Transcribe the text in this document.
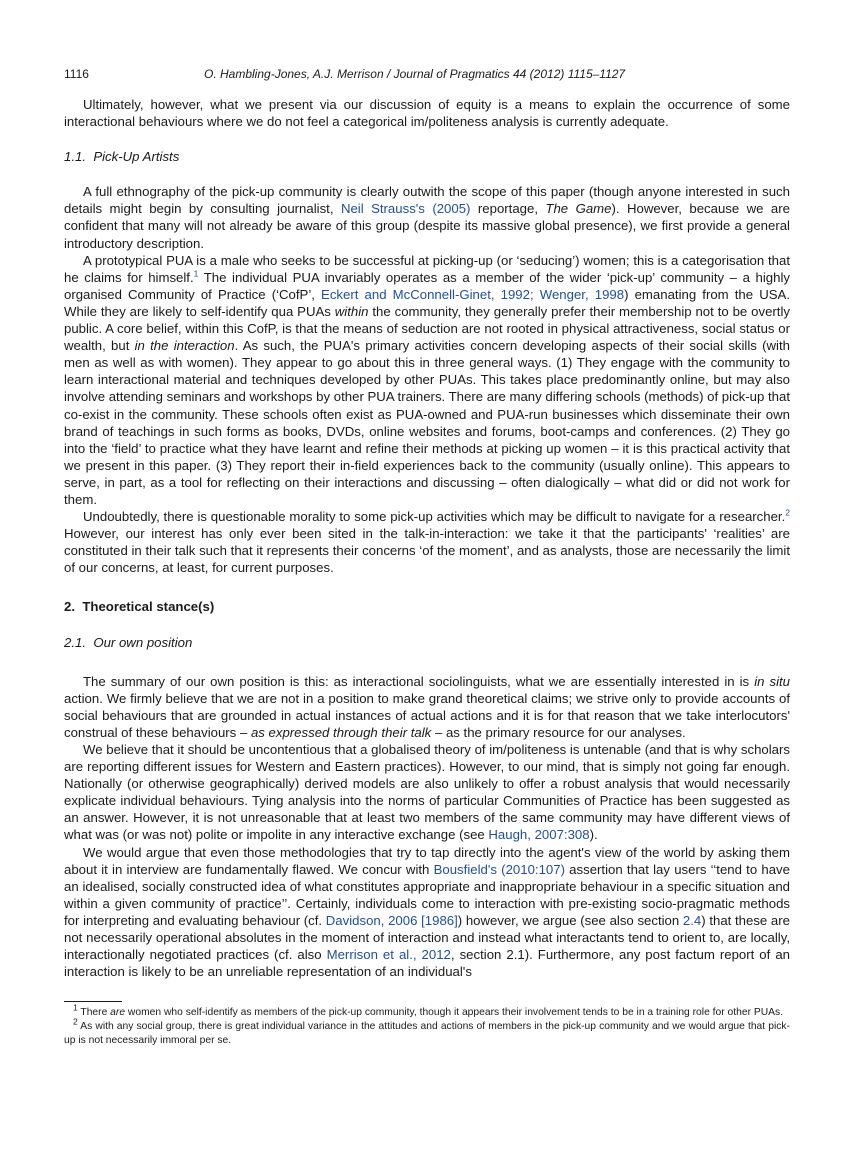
1116	O. Hambling-Jones, A.J. Merrison / Journal of Pragmatics 44 (2012) 1115–1127

Ultimately, however, what we present via our discussion of equity is a means to explain the occurrence of some interactional behaviours where we do not feel a categorical im/politeness analysis is currently adequate.

1.1. Pick-Up Artists

A full ethnography of the pick-up community is clearly outwith the scope of this paper (though anyone interested in such details might begin by consulting journalist, Neil Strauss's (2005) reportage, The Game). However, because we are confident that many will not already be aware of this group (despite its massive global presence), we first provide a general introductory description.

A prototypical PUA is a male who seeks to be successful at picking-up (or ‘seducing’) women; this is a categorisation that he claims for himself.$^1$ The individual PUA invariably operates as a member of the wider ‘pick-up’ community – a highly organised Community of Practice (‘CofP’, Eckert and McConnell-Ginet, 1992; Wenger, 1998) emanating from the USA. While they are likely to self-identify qua PUAs within the community, they generally prefer their membership not to be overtly public. A core belief, within this CofP, is that the means of seduction are not rooted in physical attractiveness, social status or wealth, but in the interaction. As such, the PUA's primary activities concern developing aspects of their social skills (with men as well as with women). They appear to go about this in three general ways. (1) They engage with the community to learn interactional material and techniques developed by other PUAs. This takes place predominantly online, but may also involve attending seminars and workshops by other PUA trainers. There are many differing schools (methods) of pick-up that co-exist in the community. These schools often exist as PUA-owned and PUA-run businesses which disseminate their own brand of teachings in such forms as books, DVDs, online websites and forums, boot-camps and conferences. (2) They go into the ‘field’ to practice what they have learnt and refine their methods at picking up women – it is this practical activity that we present in this paper. (3) They report their in-field experiences back to the community (usually online). This appears to serve, in part, as a tool for reflecting on their interactions and discussing – often dialogically – what did or did not work for them.

Undoubtedly, there is questionable morality to some pick-up activities which may be difficult to navigate for a researcher.$^2$ However, our interest has only ever been sited in the talk-in-interaction: we take it that the participants' ‘realities’ are constituted in their talk such that it represents their concerns ‘of the moment’, and as analysts, those are necessarily the limit of our concerns, at least, for current purposes.

2. Theoretical stance(s)

2.1. Our own position

The summary of our own position is this: as interactional sociolinguists, what we are essentially interested in is in situ action. We firmly believe that we are not in a position to make grand theoretical claims; we strive only to provide accounts of social behaviours that are grounded in actual instances of actual actions and it is for that reason that we take interlocutors' construal of these behaviours – as expressed through their talk – as the primary resource for our analyses.

We believe that it should be uncontentious that a globalised theory of im/politeness is untenable (and that is why scholars are reporting different issues for Western and Eastern practices). However, to our mind, that is simply not going far enough. Nationally (or otherwise geographically) derived models are also unlikely to offer a robust analysis that would necessarily explicate individual behaviours. Tying analysis into the norms of particular Communities of Practice has been suggested as an answer. However, it is not unreasonable that at least two members of the same community may have different views of what was (or was not) polite or impolite in any interactive exchange (see Haugh, 2007:308).

We would argue that even those methodologies that try to tap directly into the agent's view of the world by asking them about it in interview are fundamentally flawed. We concur with Bousfield's (2010:107) assertion that lay users ‘‘tend to have an idealised, socially constructed idea of what constitutes appropriate and inappropriate behaviour in a specific situation and within a given community of practice’’. Certainly, individuals come to interaction with pre-existing socio-pragmatic methods for interpreting and evaluating behaviour (cf. Davidson, 2006 [1986]) however, we argue (see also section 2.4) that these are not necessarily operational absolutes in the moment of interaction and instead what interactants tend to orient to, are locally, interactionally negotiated practices (cf. also Merrison et al., 2012, section 2.1). Furthermore, any post factum report of an interaction is likely to be an unreliable representation of an individual's

$^1$ There are women who self-identify as members of the pick-up community, though it appears their involvement tends to be in a training role for other PUAs.

$^2$ As with any social group, there is great individual variance in the attitudes and actions of members in the pick-up community and we would argue that pick-up is not necessarily immoral per se.
